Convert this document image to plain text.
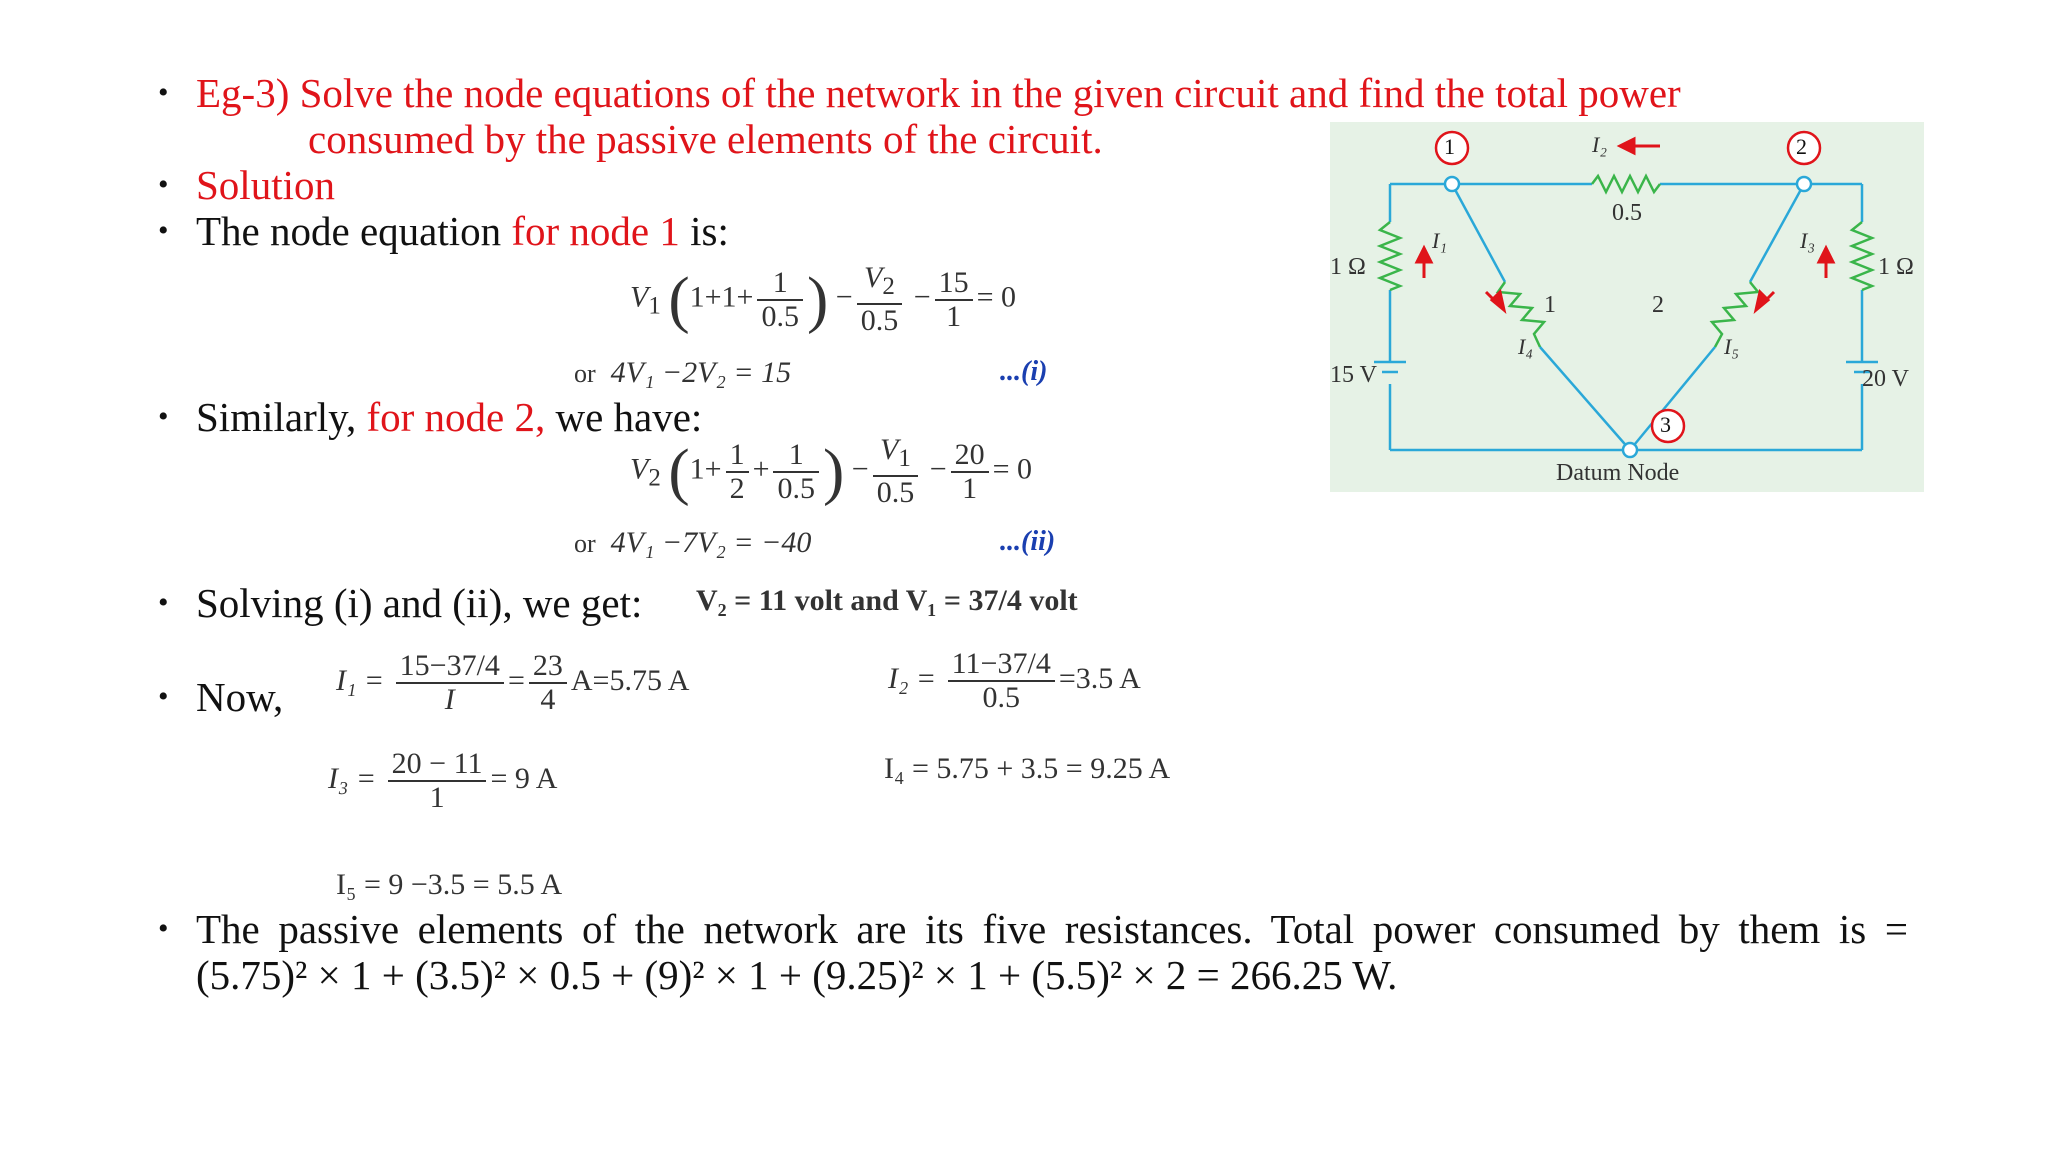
• Eg-3) Solve the node equations of the network in the given circuit and find the total power
consumed by the passive elements of the circuit.
• Solution
• The node equation for node 1 is:
$V_1$ ($1+1+ \frac{1}{0.5}$ ) − $\frac{V_2}{0.5} - \frac{15}{1} = 0$
or 4V₁ −2V₂ = 15	...(i)
• Similarly, for node 2, we have:
$V_2$ ($1+ \frac{1}{2} + \frac{1}{0.5}$ ) − $\frac{V_1}{0.5} - \frac{20}{1} = 0$
or 4V₁ −7V₂ = −40	...(ii)
• Solving (i) and (ii), we get: V₂ = 11 volt and V₁ = 37/4 volt
• Now, $I_1 = \frac{15-37/4}{I} = \frac{23}{4} A=5.75$ A	$I_2 = \frac{11-37/4}{0.5} =3.5$ A
$I_3 = \frac{20 - 11}{1} = 9$ A	I₄ = 5.75 + 3.5 = 9.25 A
I₅ = 9 −3.5 = 5.5 A
• The passive elements of the network are its five resistances. Total power consumed by them is =
(5.75)² × 1 + (3.5)² × 0.5 + (9)² × 1 + (9.25)² × 1 + (5.5)² × 2 = 266.25 W.
1	2
3
0.5
1 Ω	1 Ω
1	2
15 V	20 V
I₁
I₂
I₃
I₄	I₅
Datum Node
